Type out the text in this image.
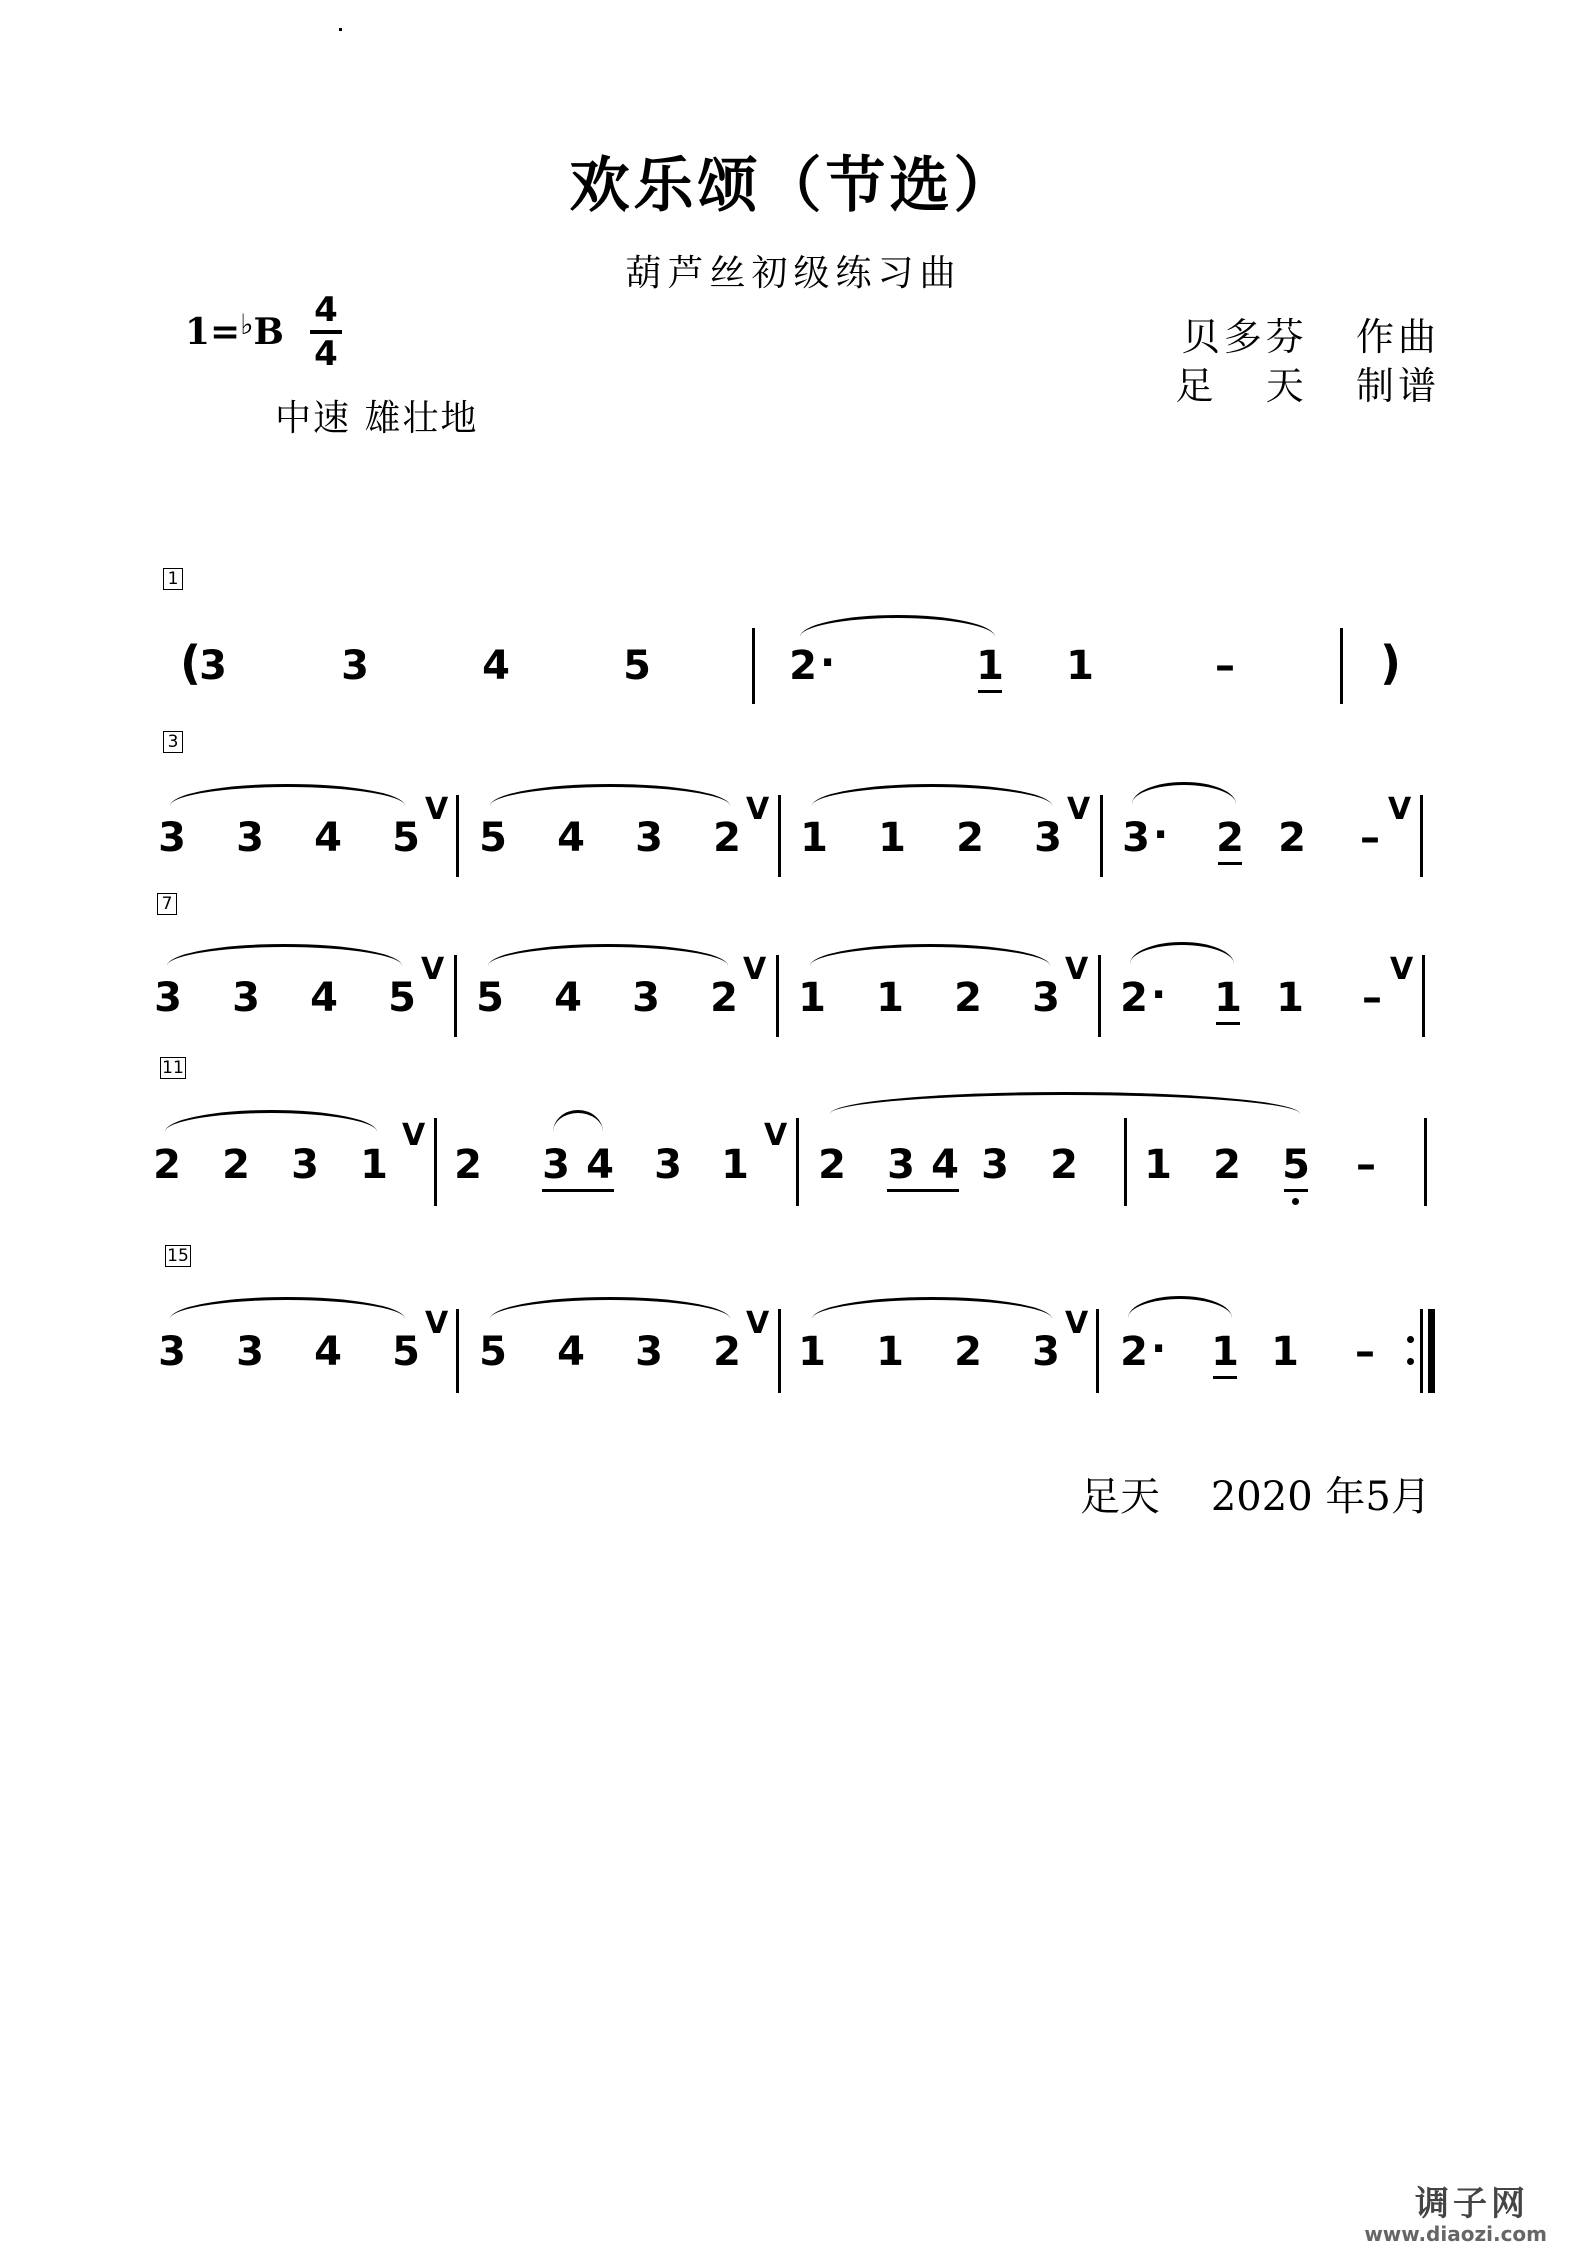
欢乐颂（节选）
葫芦丝初级练习曲
1=♭B
4
4
中速 雄壮地
贝多芬   作曲
足   天   制谱
1
3
7
11
15
(
3	3	4	5	2 ·	1 1	–	)
3 3 4 5
V
5 4 3 2
V
1 1 2 3
V
3 · 2 2 –
V
3 3 4 5
V
5 4 3 2
V
1 1 2 3
V
2 · 1 1 –
V
2 2 3 1
V
2 3 4 3 1
V
2 3 4 3 2 1 2 5 –
3 3 4 5
V
5 4 3 2
V
1 1 2 3
V
2 · 1 1 –
足天    2020 年5月
调子网
www.diaozi.com
